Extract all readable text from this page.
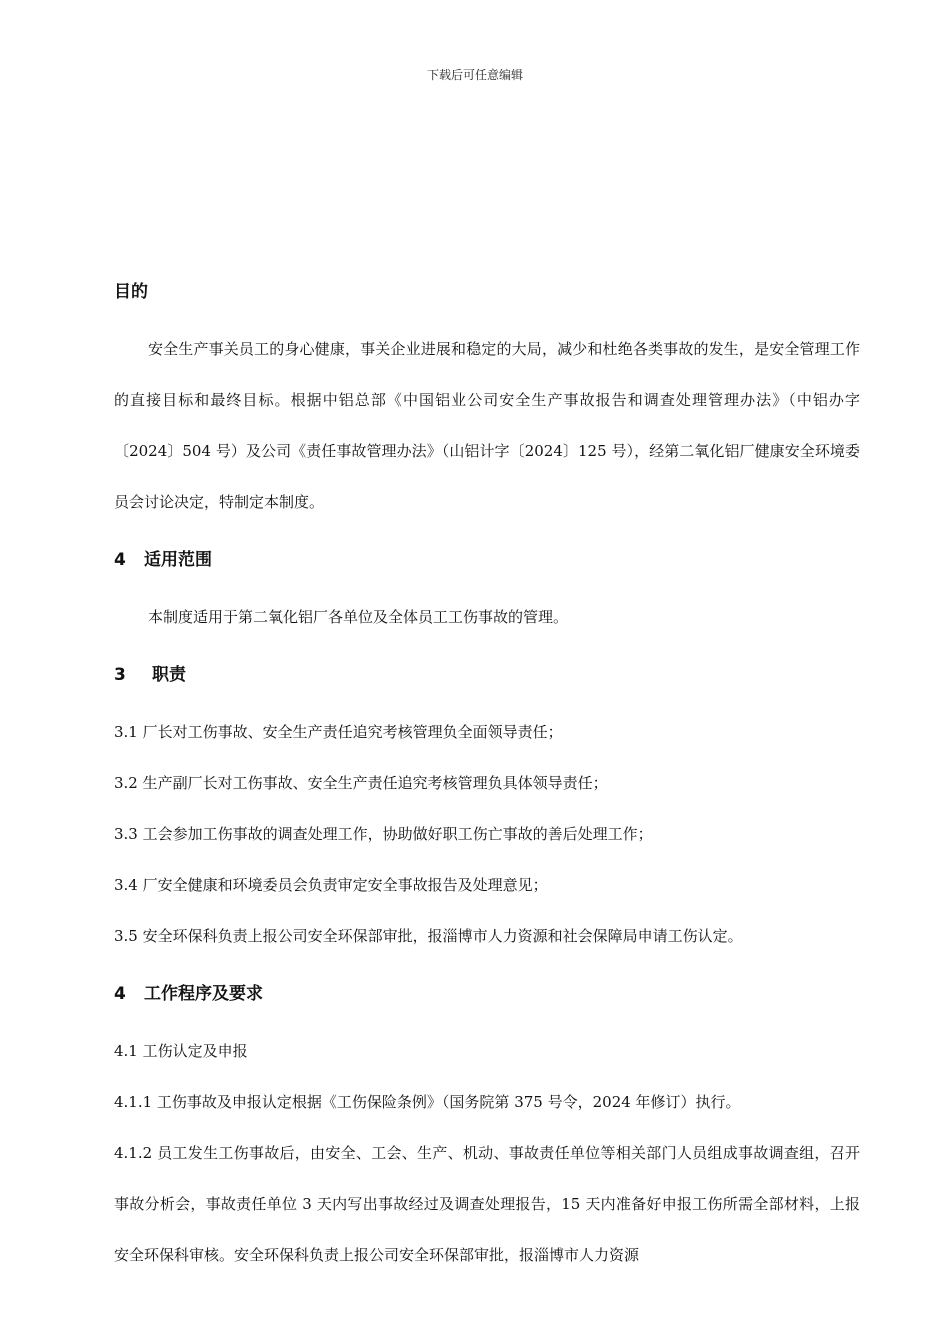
下载后可任意编辑
目的

安全生产事关员工的身心健康，事关企业进展和稳定的大局，减少和杜绝各类事故的发生，是安全管理工作的直接目标和最终目标。根据中铝总部《中国铝业公司安全生产事故报告和调查处理管理办法》（中铝办字〔2024〕504 号）及公司《责任事故管理办法》（山铝计字〔2024〕125 号），经第二氧化铝厂健康安全环境委员会讨论决定，特制定本制度。

4 适用范围

本制度适用于第二氧化铝厂各单位及全体员工工伤事故的管理。

3 职责

3.1 厂长对工伤事故、安全生产责任追究考核管理负全面领导责任；

3.2 生产副厂长对工伤事故、安全生产责任追究考核管理负具体领导责任；

3.3 工会参加工伤事故的调查处理工作，协助做好职工伤亡事故的善后处理工作；

3.4 厂安全健康和环境委员会负责审定安全事故报告及处理意见；

3.5 安全环保科负责上报公司安全环保部审批，报淄博市人力资源和社会保障局申请工伤认定。

4 工作程序及要求

4.1 工伤认定及申报

4.1.1 工伤事故及申报认定根据《工伤保险条例》（国务院第 375 号令，2024 年修订）执行。

4.1.2 员工发生工伤事故后，由安全、工会、生产、机动、事故责任单位等相关部门人员组成事故调查组，召开事故分析会，事故责任单位 3 天内写出事故经过及调查处理报告，15 天内准备好申报工伤所需全部材料，上报安全环保科审核。安全环保科负责上报公司安全环保部审批，报淄博市人力资源
